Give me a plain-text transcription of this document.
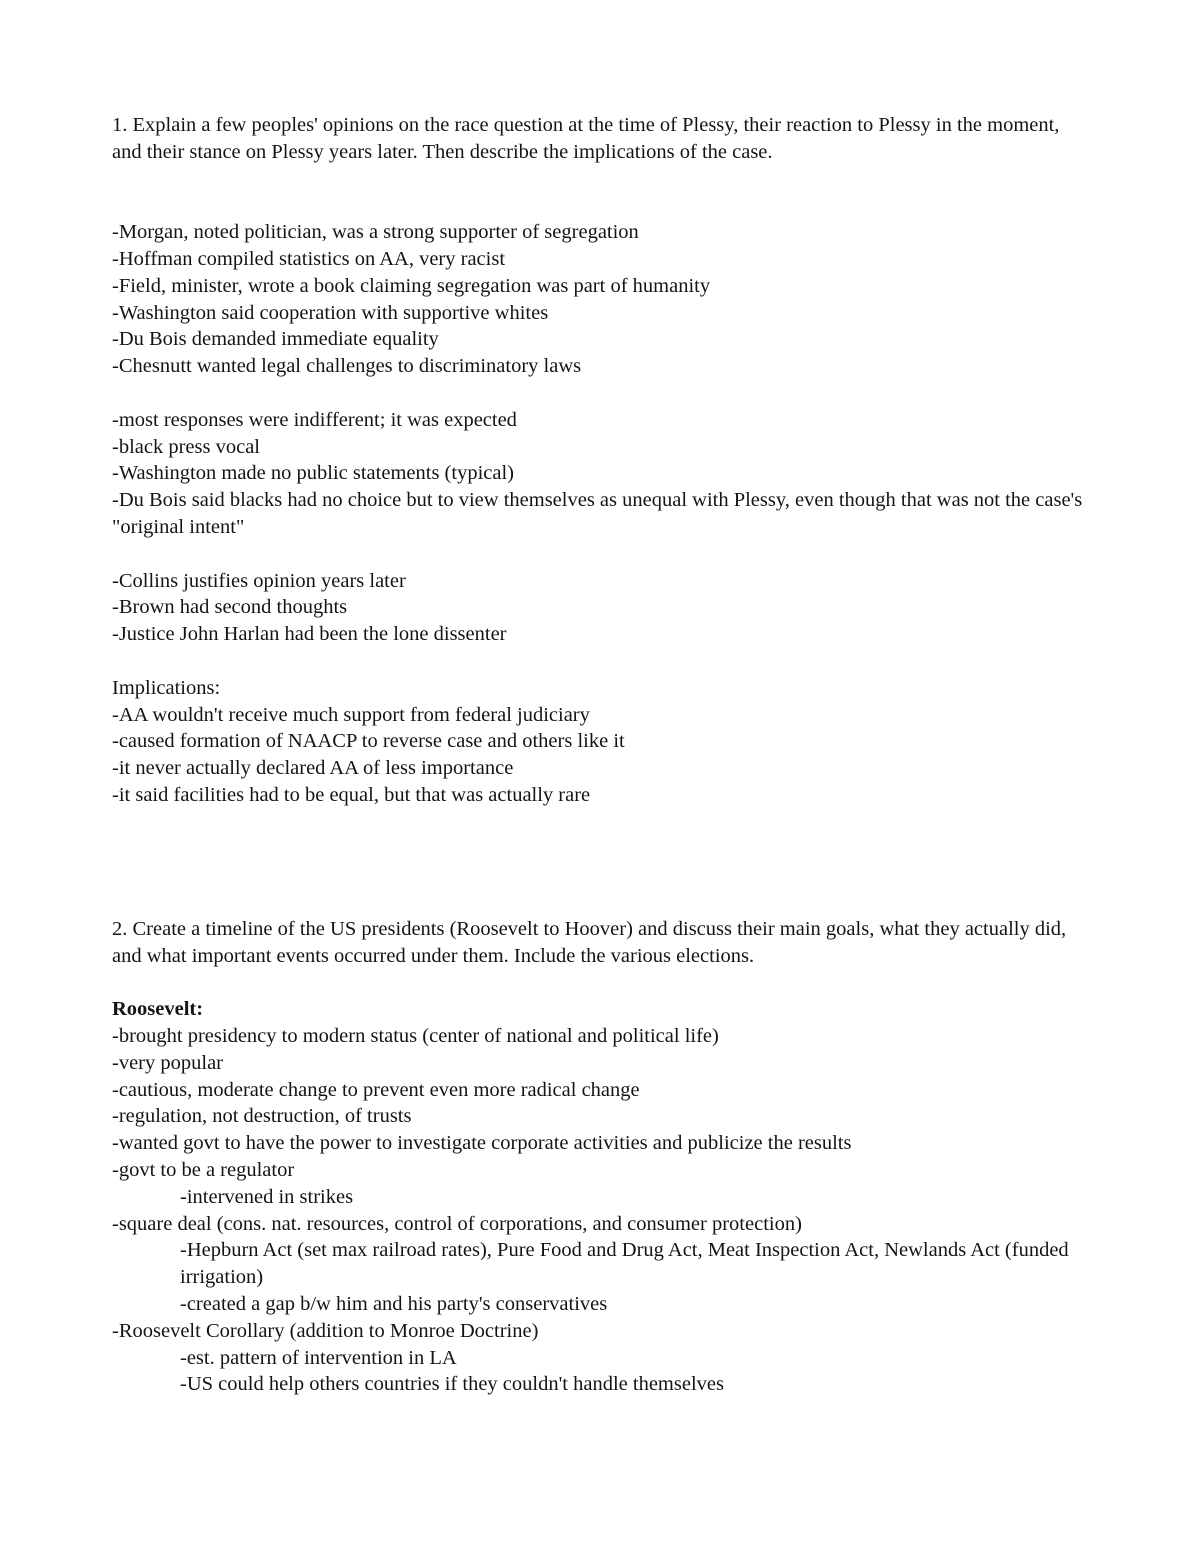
1. Explain a few peoples' opinions on the race question at the time of Plessy, their reaction to Plessy in the moment, and their stance on Plessy years later. Then describe the implications of the case.
-Morgan, noted politician, was a strong supporter of segregation
-Hoffman compiled statistics on AA, very racist
-Field, minister, wrote a book claiming segregation was part of humanity
-Washington said cooperation with supportive whites
-Du Bois demanded immediate equality
-Chesnutt wanted legal challenges to discriminatory laws
-most responses were indifferent; it was expected
-black press vocal
-Washington made no public statements (typical)
-Du Bois said blacks had no choice but to view themselves as unequal with Plessy, even though that was not the case's "original intent"
-Collins justifies opinion years later
-Brown had second thoughts
-Justice John Harlan had been the lone dissenter
Implications:
-AA wouldn't receive much support from federal judiciary
-caused formation of NAACP to reverse case and others like it
-it never actually declared AA of less importance
-it said facilities had to be equal, but that was actually rare
2. Create a timeline of the US presidents (Roosevelt to Hoover) and discuss their main goals, what they actually did, and what important events occurred under them. Include the various elections.
Roosevelt:
-brought presidency to modern status (center of national and political life)
-very popular
-cautious, moderate change to prevent even more radical change
-regulation, not destruction, of trusts
-wanted govt to have the power to investigate corporate activities and publicize the results
-govt to be a regulator
-intervened in strikes
-square deal (cons. nat. resources, control of corporations, and consumer protection)
-Hepburn Act (set max railroad rates), Pure Food and Drug Act, Meat Inspection Act, Newlands Act (funded irrigation)
-created a gap b/w him and his party's conservatives
-Roosevelt Corollary (addition to Monroe Doctrine)
-est. pattern of intervention in LA
-US could help others countries if they couldn't handle themselves
